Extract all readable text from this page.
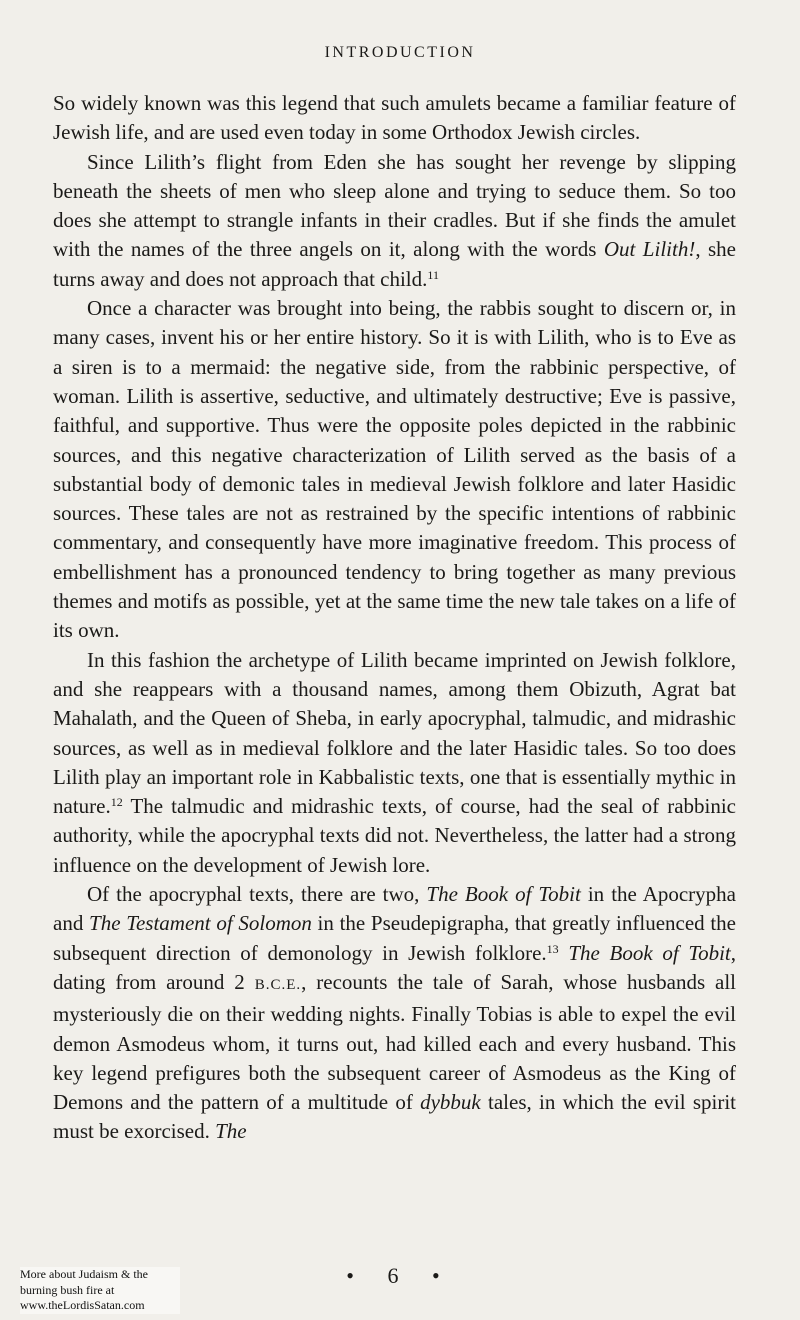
INTRODUCTION

So widely known was this legend that such amulets became a familiar feature of Jewish life, and are used even today in some Orthodox Jewish circles.

Since Lilith’s flight from Eden she has sought her revenge by slipping beneath the sheets of men who sleep alone and trying to seduce them. So too does she attempt to strangle infants in their cradles. But if she finds the amulet with the names of the three angels on it, along with the words Out Lilith!, she turns away and does not approach that child.$^{11}$

Once a character was brought into being, the rabbis sought to discern or, in many cases, invent his or her entire history. So it is with Lilith, who is to Eve as a siren is to a mermaid: the negative side, from the rabbinic perspective, of woman. Lilith is assertive, seductive, and ultimately destructive; Eve is passive, faithful, and supportive. Thus were the opposite poles depicted in the rabbinic sources, and this negative characterization of Lilith served as the basis of a substantial body of demonic tales in medieval Jewish folklore and later Hasidic sources. These tales are not as restrained by the specific intentions of rabbinic commentary, and consequently have more imaginative freedom. This process of embellishment has a pronounced tendency to bring together as many previous themes and motifs as possible, yet at the same time the new tale takes on a life of its own.

In this fashion the archetype of Lilith became imprinted on Jewish folklore, and she reappears with a thousand names, among them Obizuth, Agrat bat Mahalath, and the Queen of Sheba, in early apocryphal, talmudic, and midrashic sources, as well as in medieval folklore and the later Hasidic tales. So too does Lilith play an important role in Kabbalistic texts, one that is essentially mythic in nature.$^{12}$ The talmudic and midrashic texts, of course, had the seal of rabbinic authority, while the apocryphal texts did not. Nevertheless, the latter had a strong influence on the development of Jewish lore.

Of the apocryphal texts, there are two, The Book of Tobit in the Apocrypha and The Testament of Solomon in the Pseudepigrapha, that greatly influenced the subsequent direction of demonology in Jewish folklore.$^{13}$ The Book of Tobit, dating from around 2 B.C.E., recounts the tale of Sarah, whose husbands all mysteriously die on their wedding nights. Finally Tobias is able to expel the evil demon Asmodeus whom, it turns out, had killed each and every husband. This key legend prefigures both the subsequent career of Asmodeus as the King of Demons and the pattern of a multitude of dybbuk tales, in which the evil spirit must be exorcised. The

• 6 •
More about Judaism & the burning bush fire at www.theLordisSatan.com
